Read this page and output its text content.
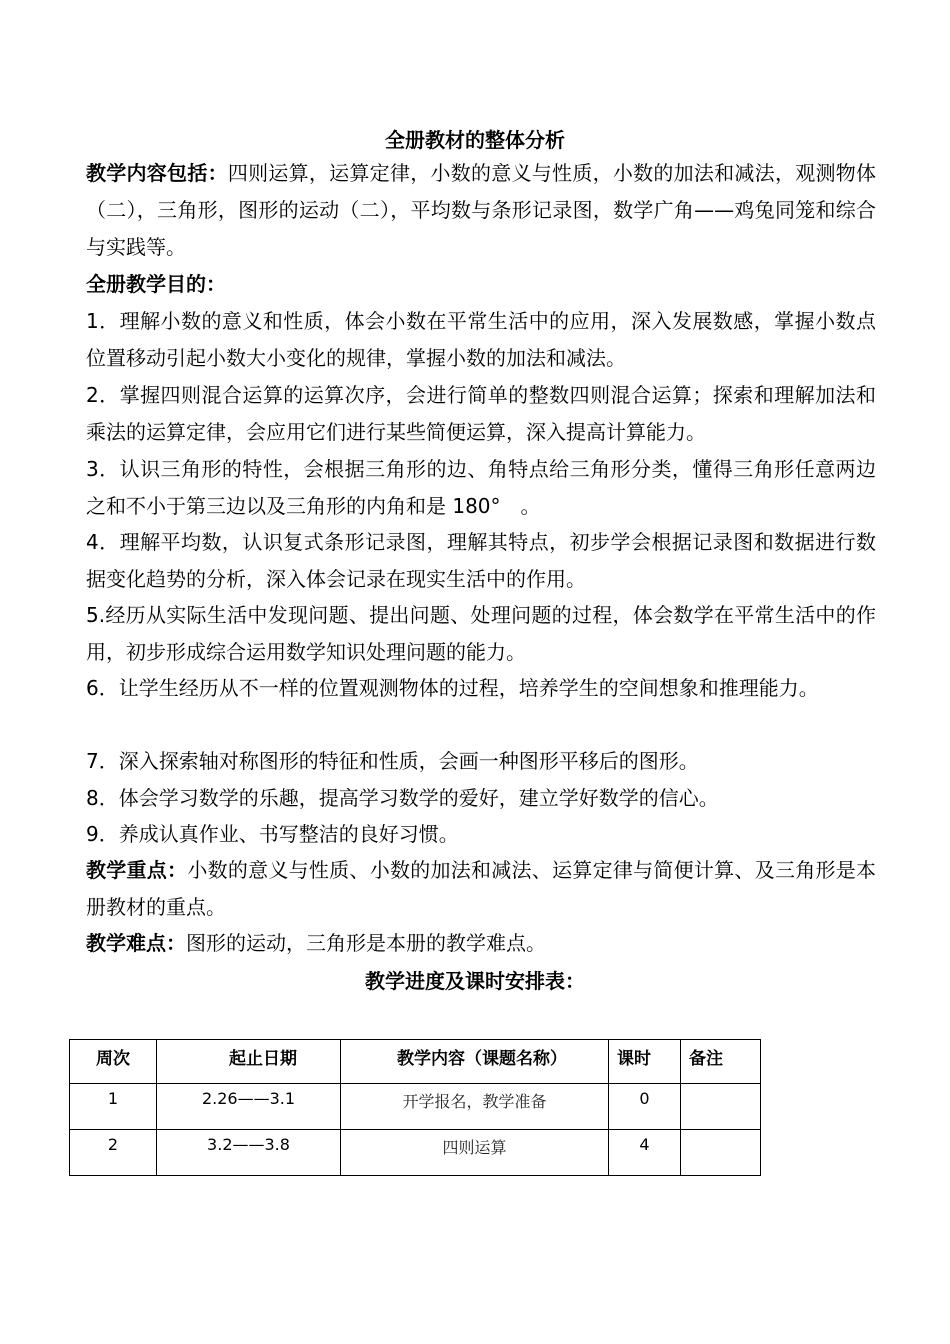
全册教材的整体分析
教学内容包括：四则运算，运算定律，小数的意义与性质，小数的加法和减法，观测物体（二），三角形，图形的运动（二），平均数与条形记录图，数学广角——鸡兔同笼和综合与实践等。
全册教学目的：
1．理解小数的意义和性质，体会小数在平常生活中的应用，深入发展数感，掌握小数点位置移动引起小数大小变化的规律，掌握小数的加法和减法。
2．掌握四则混合运算的运算次序，会进行简单的整数四则混合运算；探索和理解加法和乘法的运算定律，会应用它们进行某些简便运算，深入提高计算能力。
3．认识三角形的特性，会根据三角形的边、角特点给三角形分类，懂得三角形任意两边之和不小于第三边以及三角形的内角和是 180°　。
4．理解平均数，认识复式条形记录图，理解其特点，初步学会根据记录图和数据进行数据变化趋势的分析，深入体会记录在现实生活中的作用。
5.经历从实际生活中发现问题、提出问题、处理问题的过程，体会数学在平常生活中的作用，初步形成综合运用数学知识处理问题的能力。
6．让学生经历从不一样的位置观测物体的过程，培养学生的空间想象和推理能力。
7．深入探索轴对称图形的特征和性质，会画一种图形平移后的图形。
8．体会学习数学的乐趣，提高学习数学的爱好，建立学好数学的信心。
9．养成认真作业、书写整洁的良好习惯。
教学重点：小数的意义与性质、小数的加法和减法、运算定律与简便计算、及三角形是本册教材的重点。
教学难点：图形的运动，三角形是本册的教学难点。
教学进度及课时安排表：
周次	起止日期	教学内容（课题名称）	课时	备注
1	2.26——3.1	开学报名，教学准备	0	
2	3.2——3.8	四则运算	4	
